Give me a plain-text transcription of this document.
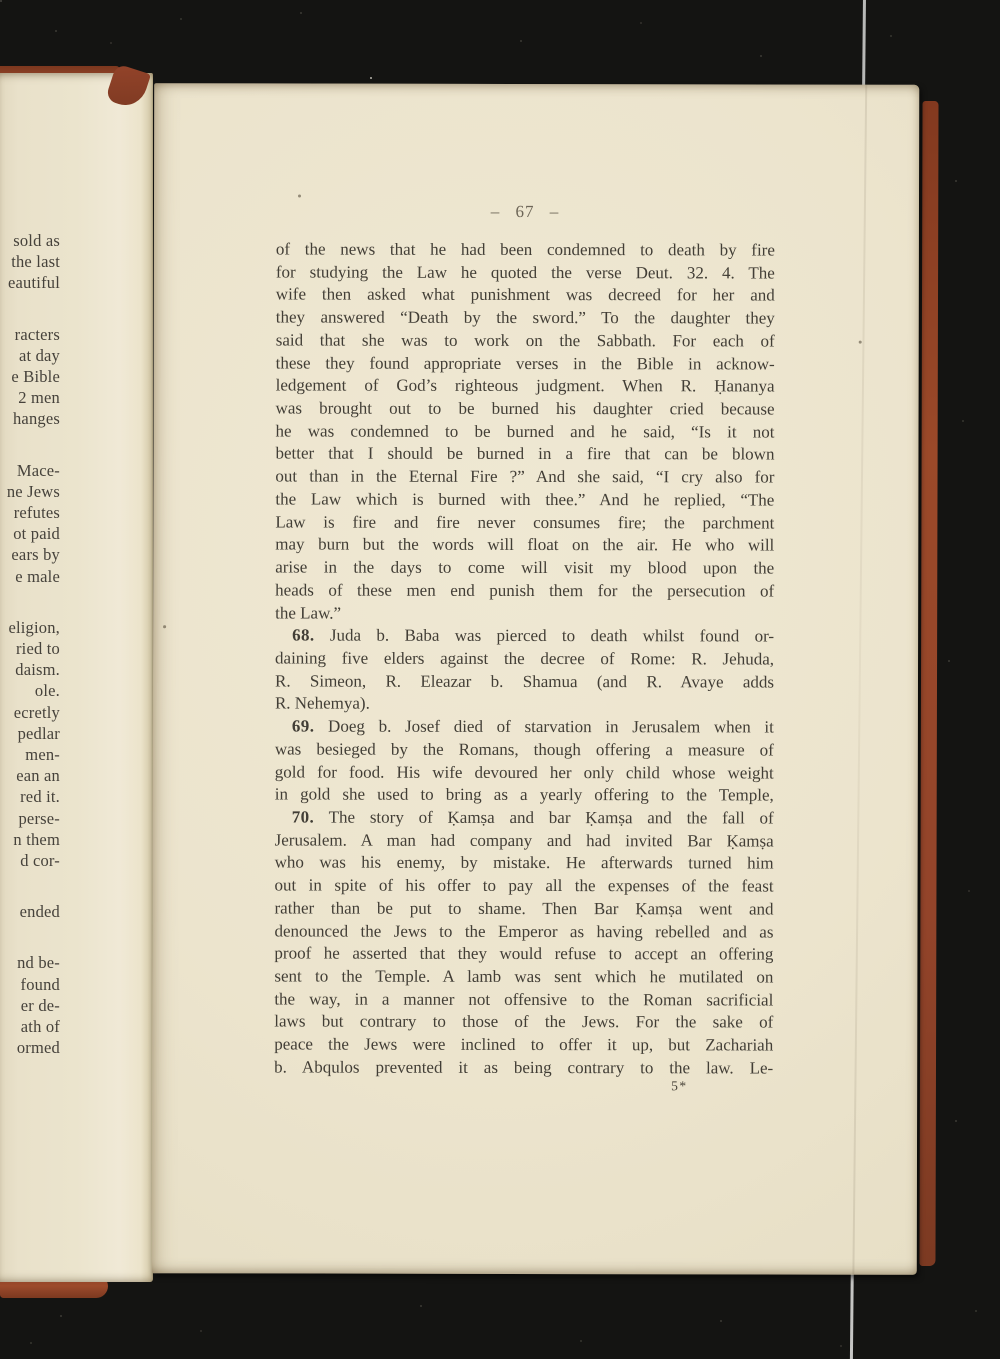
sold as
the last
eautiful
racters
at day
e Bible
2 men
hanges
Mace-
ne Jews
refutes
ot paid
ears by
e male
eligion,
ried to
daism.
ole.
ecretly
pedlar
men-
ean an
red it.
perse-
n them
d cor-
ended
nd be-
found
er de-
ath of
ormed
– 67 –
of the news that he had been condemned to death by fire
for studying the Law he quoted the verse Deut. 32. 4. The
wife then asked what punishment was decreed for her and
they answered “Death by the sword.” To the daughter they
said that she was to work on the Sabbath. For each of
these they found appropriate verses in the Bible in acknow-
ledgement of God’s righteous judgment. When R. Ḥananya
was brought out to be burned his daughter cried because
he was condemned to be burned and he said, “Is it not
better that I should be burned in a fire that can be blown
out than in the Eternal Fire ?” And she said, “I cry also for
the Law which is burned with thee.” And he replied, “The
Law is fire and fire never consumes fire; the parchment
may burn but the words will float on the air. He who will
arise in the days to come will visit my blood upon the
heads of these men end punish them for the persecution of
the Law.”
68. Juda b. Baba was pierced to death whilst found or-
daining five elders against the decree of Rome: R. Jehuda,
R. Simeon, R. Eleazar b. Shamua (and R. Avaye adds
R. Nehemya).
69. Doeg b. Josef died of starvation in Jerusalem when it
was besieged by the Romans, though offering a measure of
gold for food. His wife devoured her only child whose weight
in gold she used to bring as a yearly offering to the Temple,
70. The story of Ḳamṣa and bar Ḳamṣa and the fall of
Jerusalem. A man had company and had invited Bar Ḳamṣa
who was his enemy, by mistake. He afterwards turned him
out in spite of his offer to pay all the expenses of the feast
rather than be put to shame. Then Bar Ḳamṣa went and
denounced the Jews to the Emperor as having rebelled and as
proof he asserted that they would refuse to accept an offering
sent to the Temple. A lamb was sent which he mutilated on
the way, in a manner not offensive to the Roman sacrificial
laws but contrary to those of the Jews. For the sake of
peace the Jews were inclined to offer it up, but Zachariah
b. Abqulos prevented it as being contrary to the law. Le-
5*
